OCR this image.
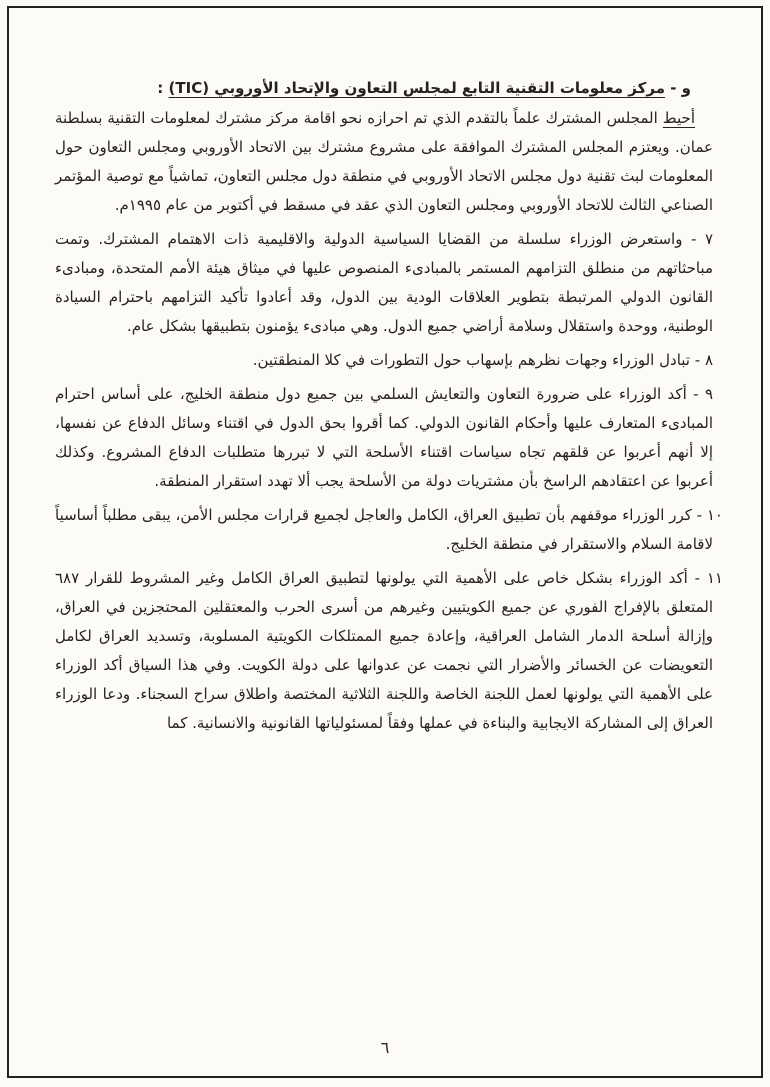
و - مركز معلومات التقنية التابع لمجلس التعاون والإتحاد الأوروبي (TIC) :

أحيط المجلس المشترك علماً بالتقدم الذي تم احرازه نحو اقامة مركز مشترك لمعلومات التقنية بسلطنة عمان. ويعتزم المجلس المشترك الموافقة على مشروع مشترك بين الاتحاد الأوروبي ومجلس التعاون حول المعلومات لبث تقنية دول مجلس الاتحاد الأوروبي في منطقة دول مجلس التعاون، تماشياً مع توصية المؤتمر الصناعي الثالث للاتحاد الأوروبي ومجلس التعاون الذي عقد في مسقط في أكتوبر من عام ١٩٩٥م.

٧ - واستعرض الوزراء سلسلة من القضايا السياسية الدولية والاقليمية ذات الاهتمام المشترك. وتمت مباحثاتهم من منطلق التزامهم المستمر بالمبادىء المنصوص عليها في ميثاق هيئة الأمم المتحدة، ومبادىء القانون الدولي المرتبطة بتطوير العلاقات الودية بين الدول، وقد أعادوا تأكيد التزامهم باحترام السيادة الوطنية، ووحدة واستقلال وسلامة أراضي جميع الدول. وهي مبادىء يؤمنون بتطبيقها بشكل عام.

٨ - تبادل الوزراء وجهات نظرهم بإسهاب حول التطورات في كلا المنطقتين.

٩ - أكد الوزراء على ضرورة التعاون والتعايش السلمي بين جميع دول منطقة الخليج، على أساس احترام المبادىء المتعارف عليها وأحكام القانون الدولي. كما أقروا بحق الدول في اقتناء وسائل الدفاع عن نفسها، إلا أنهم أعربوا عن قلقهم تجاه سياسات اقتناء الأسلحة التي لا تبررها متطلبات الدفاع المشروع. وكذلك أعربوا عن اعتقادهم الراسخ بأن مشتريات دولة من الأسلحة يجب ألا تهدد استقرار المنطقة.

١٠ - كرر الوزراء موقفهم بأن تطبيق العراق، الكامل والعاجل لجميع قرارات مجلس الأمن، يبقى مطلباً أساسياً لاقامة السلام والاستقرار في منطقة الخليج.

١١ - أكد الوزراء بشكل خاص على الأهمية التي يولونها لتطبيق العراق الكامل وغير المشروط للقرار ٦٨٧ المتعلق بالإفراج الفوري عن جميع الكويتيين وغيرهم من أسرى الحرب والمعتقلين المحتجزين في العراق، وإزالة أسلحة الدمار الشامل العراقية، وإعادة جميع الممتلكات الكويتية المسلوبة، وتسديد العراق لكامل التعويضات عن الخسائر والأضرار التي نجمت عن عدوانها على دولة الكويت. وفي هذا السياق أكد الوزراء على الأهمية التي يولونها لعمل اللجنة الخاصة واللجنة الثلاثية المختصة واطلاق سراح السجناء. ودعا الوزراء العراق إلى المشاركة الايجابية والبناءة في عملها وفقاً لمسئولياتها القانونية والانسانية. كما

٦
